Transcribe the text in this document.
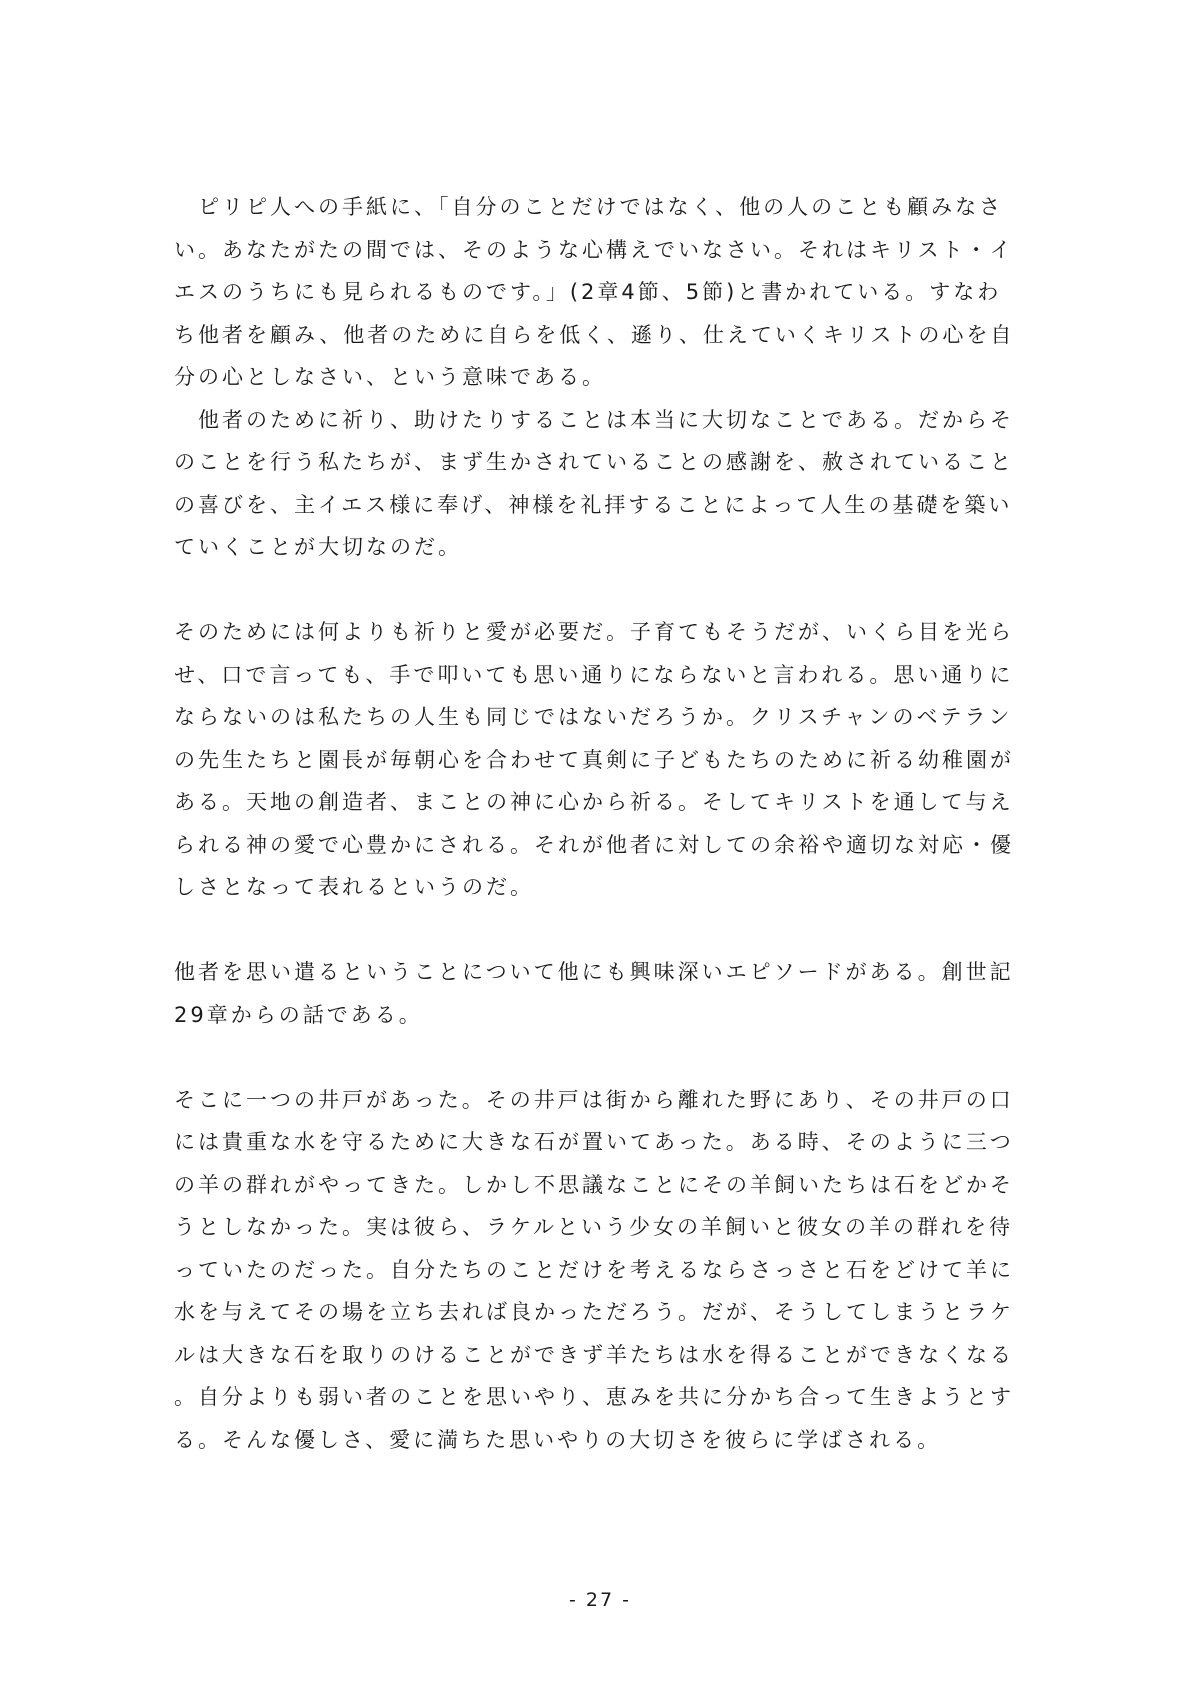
　ピリピ人への手紙に、「自分のことだけではなく、他の人のことも顧みなさ
い。あなたがたの間では、そのような心構えでいなさい。それはキリスト・イ
エスのうちにも見られるものです。」(2章4節、5節)と書かれている。すなわ
ち他者を顧み、他者のために自らを低く、遜り、仕えていくキリストの心を自
分の心としなさい、という意味である。
　他者のために祈り、助けたりすることは本当に大切なことである。だからそ
のことを行う私たちが、まず生かされていることの感謝を、赦されていること
の喜びを、主イエス様に奉げ、神様を礼拝することによって人生の基礎を築い
ていくことが大切なのだ。
そのためには何よりも祈りと愛が必要だ。子育てもそうだが、いくら目を光ら
せ、口で言っても、手で叩いても思い通りにならないと言われる。思い通りに
ならないのは私たちの人生も同じではないだろうか。クリスチャンのベテラン
の先生たちと園長が毎朝心を合わせて真剣に子どもたちのために祈る幼稚園が
ある。天地の創造者、まことの神に心から祈る。そしてキリストを通して与え
られる神の愛で心豊かにされる。それが他者に対しての余裕や適切な対応・優
しさとなって表れるというのだ。
他者を思い遣るということについて他にも興味深いエピソードがある。創世記
29章からの話である。
そこに一つの井戸があった。その井戸は街から離れた野にあり、その井戸の口
には貴重な水を守るために大きな石が置いてあった。ある時、そのように三つ
の羊の群れがやってきた。しかし不思議なことにその羊飼いたちは石をどかそ
うとしなかった。実は彼ら、ラケルという少女の羊飼いと彼女の羊の群れを待
っていたのだった。自分たちのことだけを考えるならさっさと石をどけて羊に
水を与えてその場を立ち去れば良かっただろう。だが、そうしてしまうとラケ
ルは大きな石を取りのけることができず羊たちは水を得ることができなくなる
。自分よりも弱い者のことを思いやり、恵みを共に分かち合って生きようとす
る。そんな優しさ、愛に満ちた思いやりの大切さを彼らに学ばされる。
- 27 -
